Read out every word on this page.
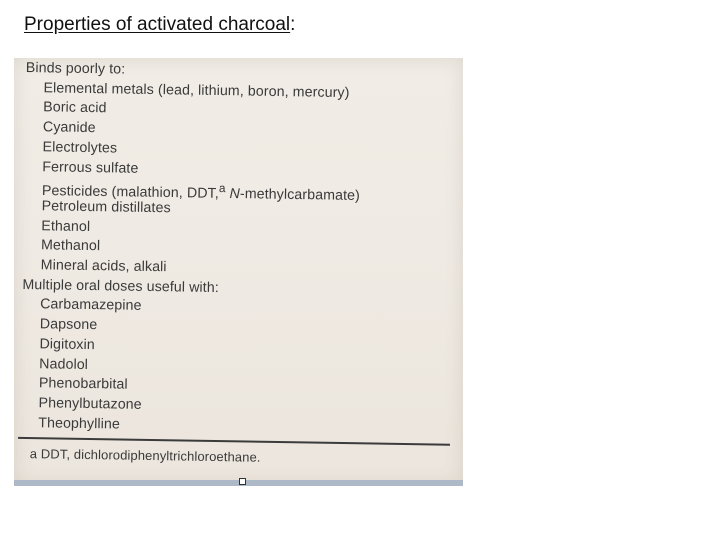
Properties of activated charcoal:
Binds poorly to:
Elemental metals (lead, lithium, boron, mercury)
Boric acid
Cyanide
Electrolytes
Ferrous sulfate
Pesticides (malathion, DDT,$^a$ N-methylcarbamate)
Petroleum distillates
Ethanol
Methanol
Mineral acids, alkali
Multiple oral doses useful with:
Carbamazepine
Dapsone
Digitoxin
Nadolol
Phenobarbital
Phenylbutazone
Theophylline
a DDT, dichlorodiphenyltrichloroethane.
